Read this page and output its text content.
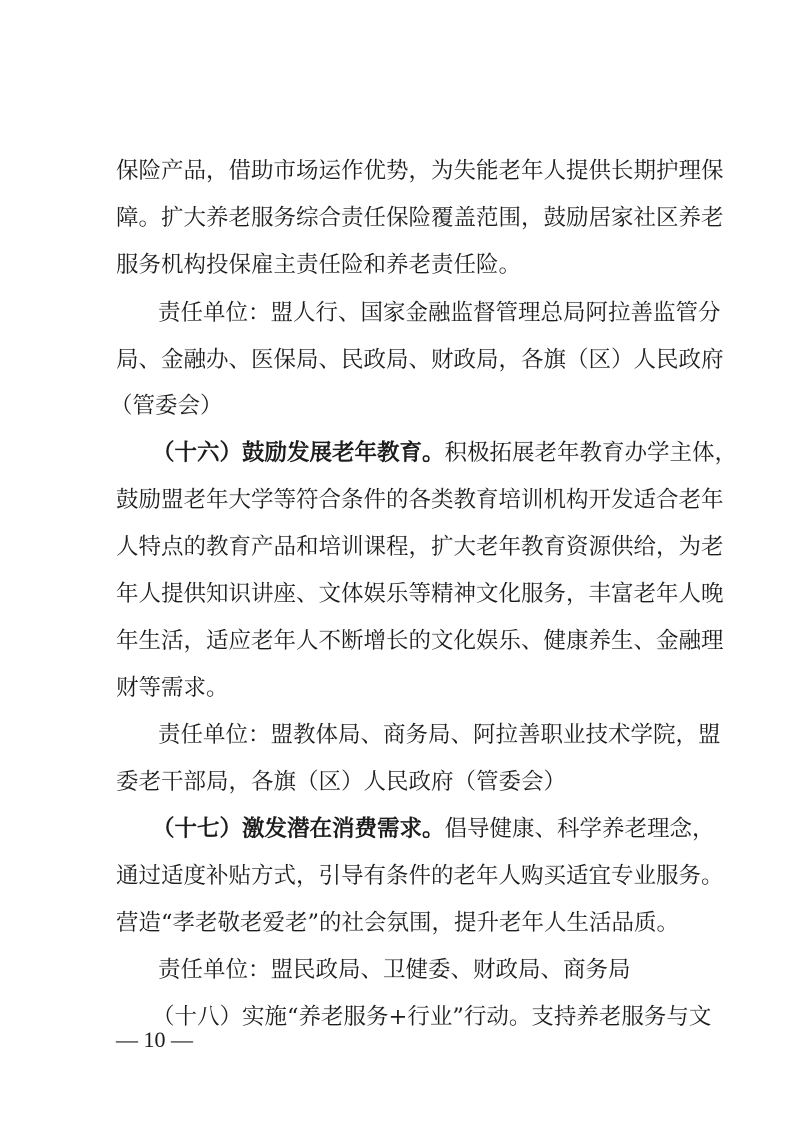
保险产品，借助市场运作优势，为失能老年人提供长期护理保
障。扩大养老服务综合责任保险覆盖范围，鼓励居家社区养老
服务机构投保雇主责任险和养老责任险。
责任单位：盟人行、国家金融监督管理总局阿拉善监管分
局、金融办、医保局、民政局、财政局，各旗（区）人民政府
（管委会）
（十六）鼓励发展老年教育。积极拓展老年教育办学主体，
鼓励盟老年大学等符合条件的各类教育培训机构开发适合老年
人特点的教育产品和培训课程，扩大老年教育资源供给，为老
年人提供知识讲座、文体娱乐等精神文化服务，丰富老年人晚
年生活，适应老年人不断增长的文化娱乐、健康养生、金融理
财等需求。
责任单位：盟教体局、商务局、阿拉善职业技术学院，盟
委老干部局，各旗（区）人民政府（管委会）
（十七）激发潜在消费需求。倡导健康、科学养老理念，
通过适度补贴方式，引导有条件的老年人购买适宜专业服务。
营造“孝老敬老爱老”的社会氛围，提升老年人生活品质。
责任单位：盟民政局、卫健委、财政局、商务局
（十八）实施“养老服务+行业”行动。支持养老服务与文
— 10 —
